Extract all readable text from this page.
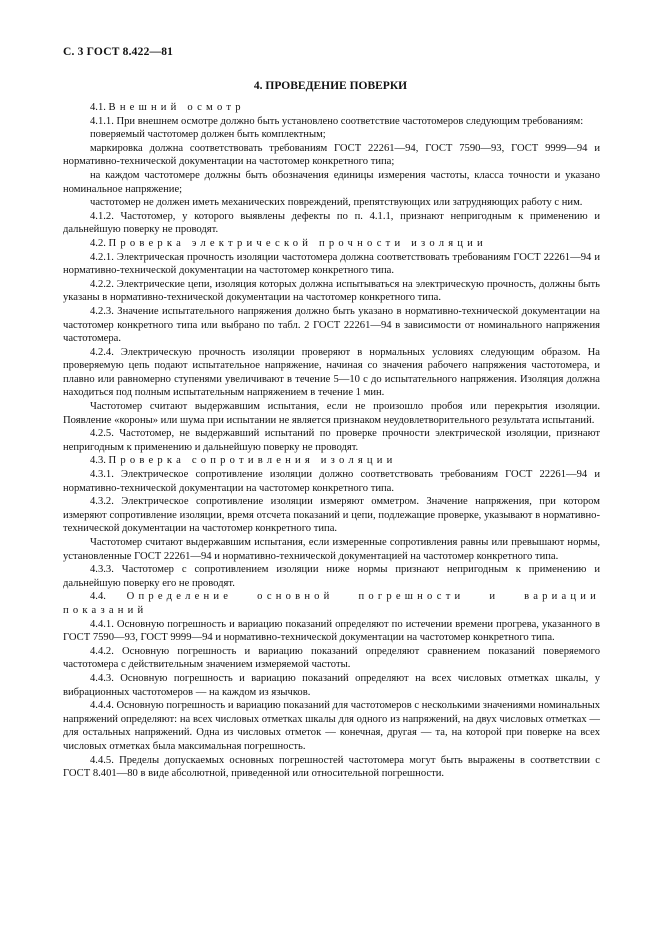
С. 3 ГОСТ 8.422—81
4. ПРОВЕДЕНИЕ ПОВЕРКИ

4.1. Внешний осмотр

4.1.1. При внешнем осмотре должно быть установлено соответствие частотомеров следующим требованиям:

поверяемый частотомер должен быть комплектным;

маркировка должна соответствовать требованиям ГОСТ 22261—94, ГОСТ 7590—93, ГОСТ 9999—94 и нормативно-технической документации на частотомер конкретного типа;

на каждом частотомере должны быть обозначения единицы измерения частоты, класса точности и указано номинальное напряжение;

частотомер не должен иметь механических повреждений, препятствующих или затрудняющих работу с ним.

4.1.2. Частотомер, у которого выявлены дефекты по п. 4.1.1, признают непригодным к применению и дальнейшую поверку не проводят.

4.2. Проверка электрической прочности изоляции

4.2.1. Электрическая прочность изоляции частотомера должна соответствовать требованиям ГОСТ 22261—94 и нормативно-технической документации на частотомер конкретного типа.

4.2.2. Электрические цепи, изоляция которых должна испытываться на электрическую прочность, должны быть указаны в нормативно-технической документации на частотомер конкретного типа.

4.2.3. Значение испытательного напряжения должно быть указано в нормативно-технической документации на частотомер конкретного типа или выбрано по табл. 2 ГОСТ 22261—94 в зависимости от номинального напряжения частотомера.

4.2.4. Электрическую прочность изоляции проверяют в нормальных условиях следующим образом. На проверяемую цепь подают испытательное напряжение, начиная со значения рабочего напряжения частотомера, и плавно или равномерно ступенями увеличивают в течение 5—10 с до испытательного напряжения. Изоляция должна находиться под полным испытательным напряжением в течение 1 мин.

Частотомер считают выдержавшим испытания, если не произошло пробоя или перекрытия изоляции. Появление «короны» или шума при испытании не является признаком неудовлетворительного результата испытаний.

4.2.5. Частотомер, не выдержавший испытаний по проверке прочности электрической изоляции, признают непригодным к применению и дальнейшую поверку не проводят.

4.3. Проверка сопротивления изоляции

4.3.1. Электрическое сопротивление изоляции должно соответствовать требованиям ГОСТ 22261—94 и нормативно-технической документации на частотомер конкретного типа.

4.3.2. Электрическое сопротивление изоляции измеряют омметром. Значение напряжения, при котором измеряют сопротивление изоляции, время отсчета показаний и цепи, подлежащие проверке, указывают в нормативно-технической документации на частотомер конкретного типа.

Частотомер считают выдержавшим испытания, если измеренные сопротивления равны или превышают нормы, установленные ГОСТ 22261—94 и нормативно-технической документацией на частотомер конкретного типа.

4.3.3. Частотомер с сопротивлением изоляции ниже нормы признают непригодным к применению и дальнейшую поверку его не проводят.

4.4. Определение основной погрешности и вариации показаний

4.4.1. Основную погрешность и вариацию показаний определяют по истечении времени прогрева, указанного в ГОСТ 7590—93, ГОСТ 9999—94 и нормативно-технической документации на частотомер конкретного типа.

4.4.2. Основную погрешность и вариацию показаний определяют сравнением показаний поверяемого частотомера с действительным значением измеряемой частоты.

4.4.3. Основную погрешность и вариацию показаний определяют на всех числовых отметках шкалы, у вибрационных частотомеров — на каждом из язычков.

4.4.4. Основную погрешность и вариацию показаний для частотомеров с несколькими значениями номинальных напряжений определяют: на всех числовых отметках шкалы для одного из напряжений, на двух числовых отметках — для остальных напряжений. Одна из числовых отметок — конечная, другая — та, на которой при поверке на всех числовых отметках была максимальная погрешность.

4.4.5. Пределы допускаемых основных погрешностей частотомера могут быть выражены в соответствии с ГОСТ 8.401—80 в виде абсолютной, приведенной или относительной погрешности.
